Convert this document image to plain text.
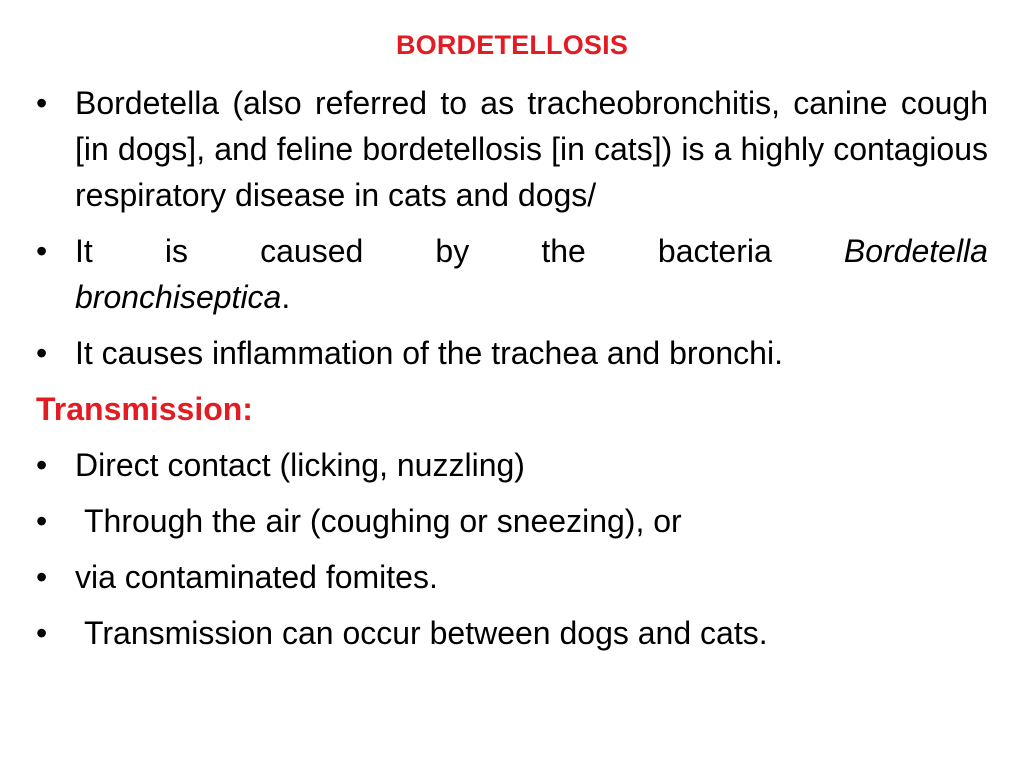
BORDETELLOSIS
• Bordetella (also referred to as tracheobronchitis, canine cough [in dogs], and feline bordetellosis [in cats]) is a highly contagious respiratory disease in cats and dogs/
• It is caused by the bacteria Bordetella
bronchiseptica.
• It causes inflammation of the trachea and bronchi.
Transmission:
• Direct contact (licking, nuzzling)
• Through the air (coughing or sneezing), or
• via contaminated fomites.
• Transmission can occur between dogs and cats.
